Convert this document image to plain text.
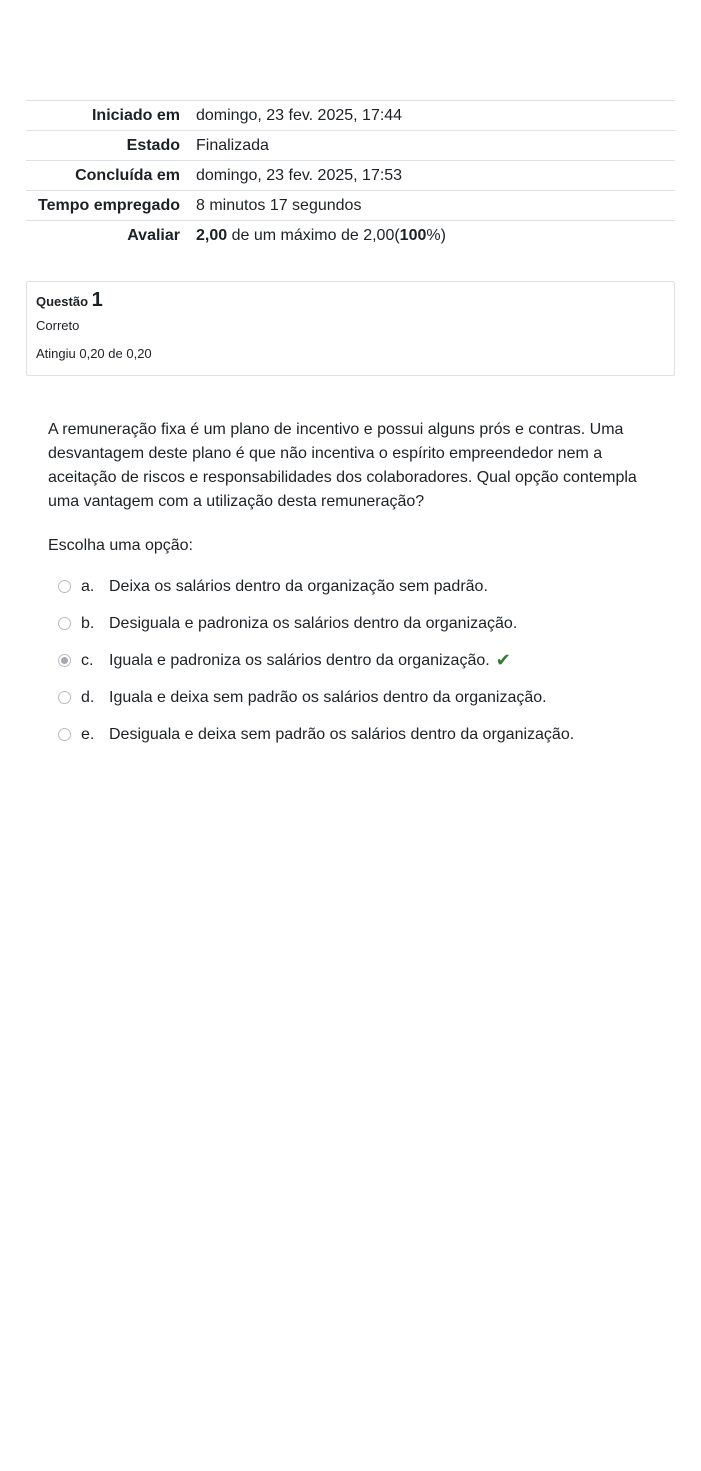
Iniciado em	domingo, 23 fev. 2025, 17:44
Estado	Finalizada
Concluída em	domingo, 23 fev. 2025, 17:53
Tempo empregado	8 minutos 17 segundos
Avaliar	2,00 de um máximo de 2,00(100%)
Questão 1
Correto
Atingiu 0,20 de 0,20
A remuneração fixa é um plano de incentivo e possui alguns prós e contras. Uma desvantagem deste plano é que não incentiva o espírito empreendedor nem a aceitação de riscos e responsabilidades dos colaboradores. Qual opção contempla uma vantagem com a utilização desta remuneração?
Escolha uma opção:
a. Deixa os salários dentro da organização sem padrão.
b. Desiguala e padroniza os salários dentro da organização.
c. Iguala e padroniza os salários dentro da organização. ✔
d. Iguala e deixa sem padrão os salários dentro da organização.
e. Desiguala e deixa sem padrão os salários dentro da organização.
